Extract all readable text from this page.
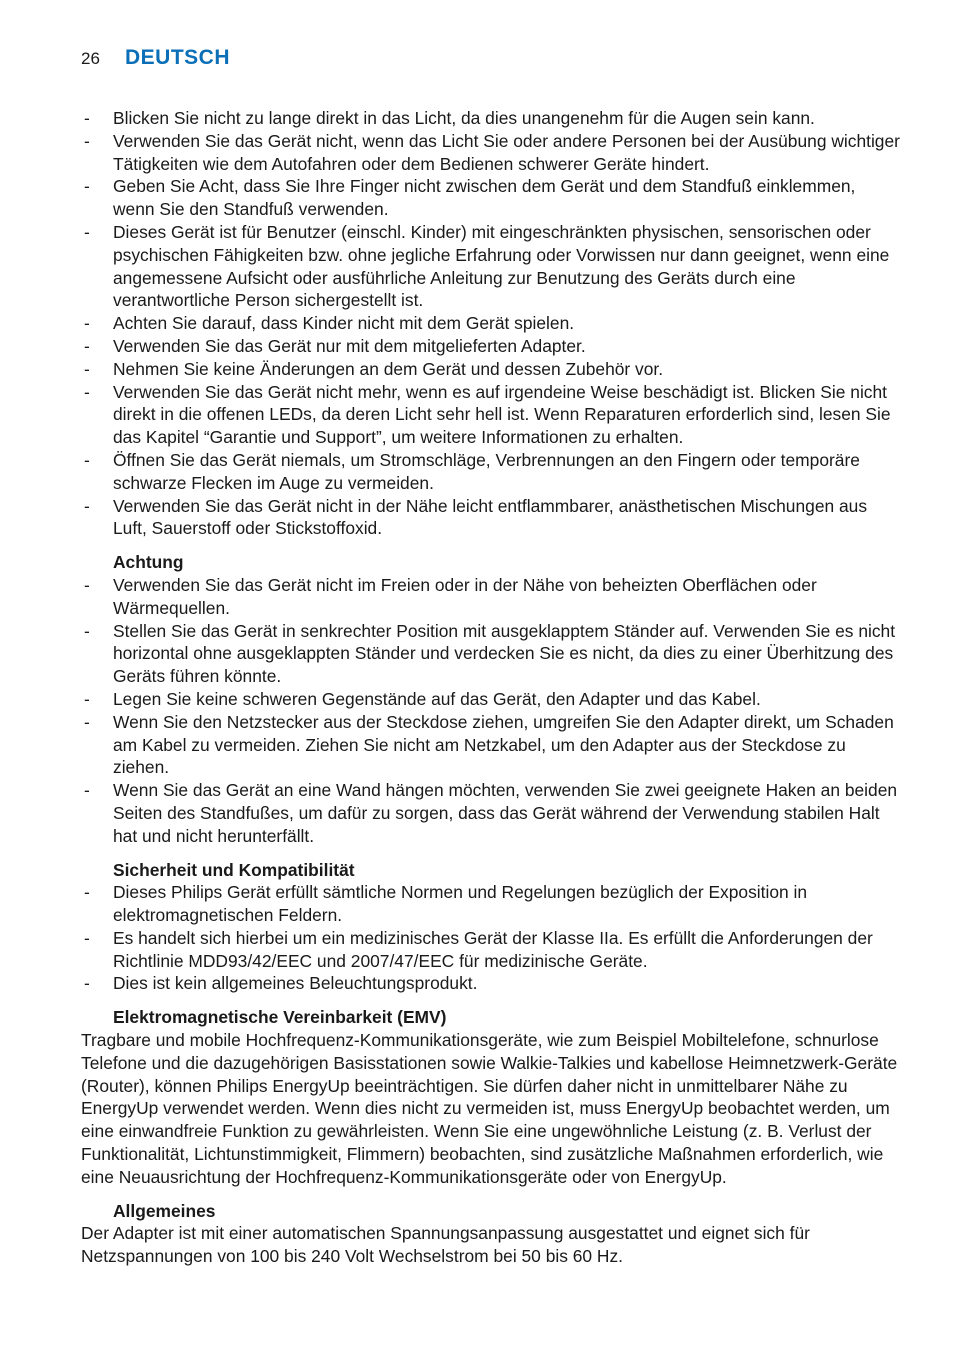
26	DEUTSCH
- Blicken Sie nicht zu lange direkt in das Licht, da dies unangenehm für die Augen sein kann.
- Verwenden Sie das Gerät nicht, wenn das Licht Sie oder andere Personen bei der Ausübung wichtiger Tätigkeiten wie dem Autofahren oder dem Bedienen schwerer Geräte hindert.
- Geben Sie Acht, dass Sie Ihre Finger nicht zwischen dem Gerät und dem Standfuß einklemmen, wenn Sie den Standfuß verwenden.
- Dieses Gerät ist für Benutzer (einschl. Kinder) mit eingeschränkten physischen, sensorischen oder psychischen Fähigkeiten bzw. ohne jegliche Erfahrung oder Vorwissen nur dann geeignet, wenn eine angemessene Aufsicht oder ausführliche Anleitung zur Benutzung des Geräts durch eine verantwortliche Person sichergestellt ist.
- Achten Sie darauf, dass Kinder nicht mit dem Gerät spielen.
- Verwenden Sie das Gerät nur mit dem mitgelieferten Adapter.
- Nehmen Sie keine Änderungen an dem Gerät und dessen Zubehör vor.
- Verwenden Sie das Gerät nicht mehr, wenn es auf irgendeine Weise beschädigt ist. Blicken Sie nicht direkt in die offenen LEDs, da deren Licht sehr hell ist. Wenn Reparaturen erforderlich sind, lesen Sie das Kapitel “Garantie und Support”, um weitere Informationen zu erhalten.
- Öffnen Sie das Gerät niemals, um Stromschläge, Verbrennungen an den Fingern oder temporäre schwarze Flecken im Auge zu vermeiden.
- Verwenden Sie das Gerät nicht in der Nähe leicht entflammbarer, anästhetischen Mischungen aus Luft, Sauerstoff oder Stickstoffoxid.
Achtung
- Verwenden Sie das Gerät nicht im Freien oder in der Nähe von beheizten Oberflächen oder Wärmequellen.
- Stellen Sie das Gerät in senkrechter Position mit ausgeklapptem Ständer auf. Verwenden Sie es nicht horizontal ohne ausgeklappten Ständer und verdecken Sie es nicht, da dies zu einer Überhitzung des Geräts führen könnte.
- Legen Sie keine schweren Gegenstände auf das Gerät, den Adapter und das Kabel.
- Wenn Sie den Netzstecker aus der Steckdose ziehen, umgreifen Sie den Adapter direkt, um Schaden am Kabel zu vermeiden. Ziehen Sie nicht am Netzkabel, um den Adapter aus der Steckdose zu ziehen.
- Wenn Sie das Gerät an eine Wand hängen möchten, verwenden Sie zwei geeignete Haken an beiden Seiten des Standfußes, um dafür zu sorgen, dass das Gerät während der Verwendung stabilen Halt hat und nicht herunterfällt.
Sicherheit und Kompatibilität
- Dieses Philips Gerät erfüllt sämtliche Normen und Regelungen bezüglich der Exposition in elektromagnetischen Feldern.
- Es handelt sich hierbei um ein medizinisches Gerät der Klasse IIa. Es erfüllt die Anforderungen der Richtlinie MDD93/42/EEC und 2007/47/EEC für medizinische Geräte.
- Dies ist kein allgemeines Beleuchtungsprodukt.
Elektromagnetische Vereinbarkeit (EMV)

Tragbare und mobile Hochfrequenz-Kommunikationsgeräte, wie zum Beispiel Mobiltelefone, schnurlose Telefone und die dazugehörigen Basisstationen sowie Walkie-Talkies und kabellose Heimnetzwerk-Geräte (Router), können Philips EnergyUp beeinträchtigen. Sie dürfen daher nicht in unmittelbarer Nähe zu EnergyUp verwendet werden. Wenn dies nicht zu vermeiden ist, muss EnergyUp beobachtet werden, um eine einwandfreie Funktion zu gewährleisten. Wenn Sie eine ungewöhnliche Leistung (z. B. Verlust der Funktionalität, Lichtunstimmigkeit, Flimmern) beobachten, sind zusätzliche Maßnahmen erforderlich, wie eine Neuausrichtung der Hochfrequenz-Kommunikationsgeräte oder von EnergyUp.

Allgemeines

Der Adapter ist mit einer automatischen Spannungsanpassung ausgestattet und eignet sich für Netzspannungen von 100 bis 240 Volt Wechselstrom bei 50 bis 60 Hz.
